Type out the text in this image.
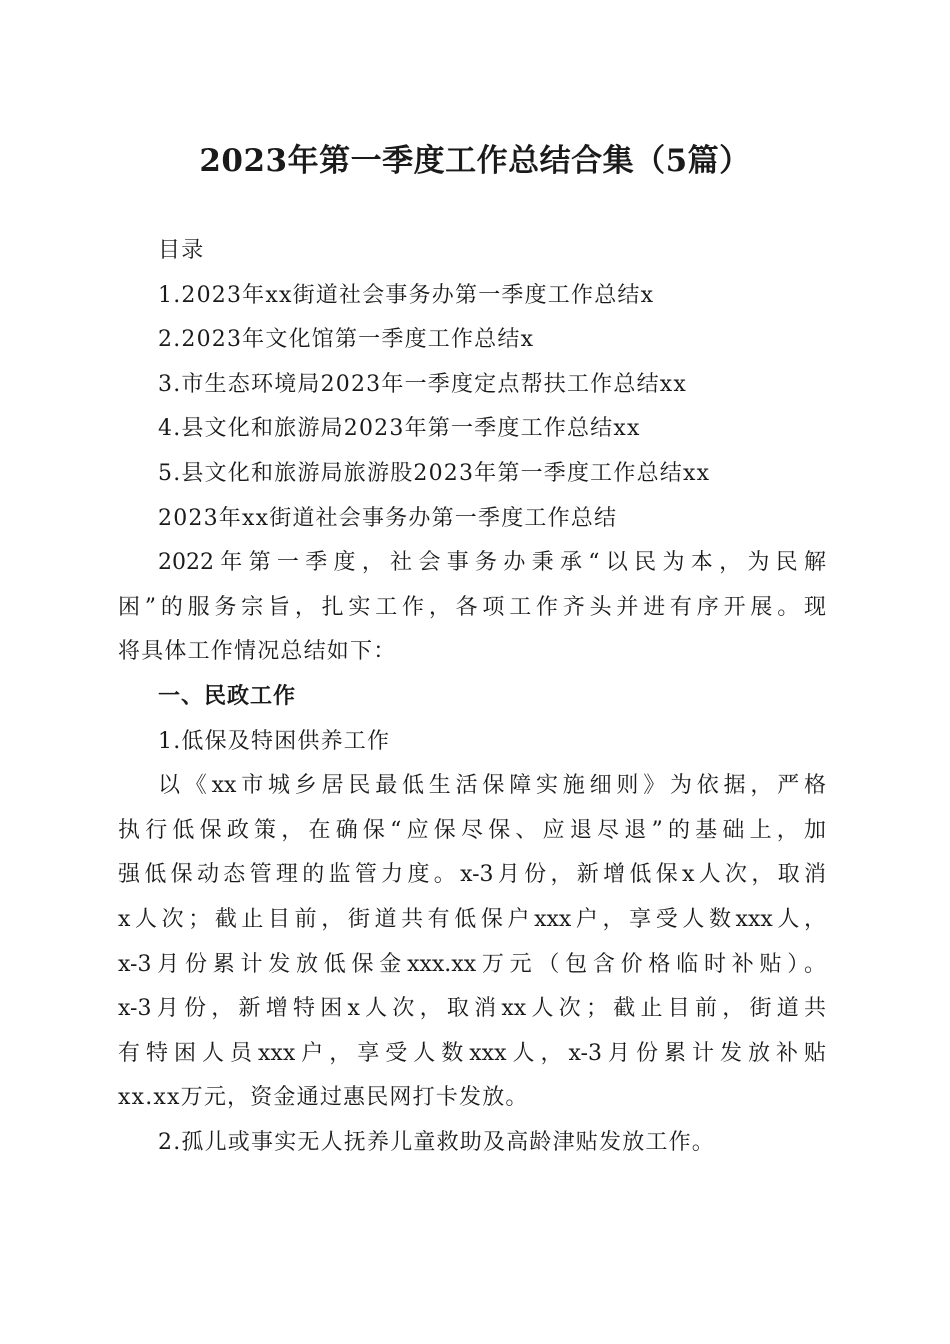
2023年第一季度工作总结合集（5篇）
目录
1.2023年xx街道社会事务办第一季度工作总结x
2.2023年文化馆第一季度工作总结x
3.市生态环境局2023年一季度定点帮扶工作总结xx
4.县文化和旅游局2023年第一季度工作总结xx
5.县文化和旅游局旅游股2023年第一季度工作总结xx
2023年xx街道社会事务办第一季度工作总结
2022年第一季度，社会事务办秉承“以民为本，为民解
困”的服务宗旨，扎实工作，各项工作齐头并进有序开展。现
将具体工作情况总结如下：
一、民政工作
1.低保及特困供养工作
以《xx市城乡居民最低生活保障实施细则》为依据，严格
执行低保政策，在确保“应保尽保、应退尽退”的基础上，加
强低保动态管理的监管力度。x-3月份，新增低保x人次，取消
x人次；截止目前，街道共有低保户xxx户，享受人数xxx人，
x-3月份累计发放低保金xxx.xx万元（包含价格临时补贴）。
x-3月份，新增特困x人次，取消xx人次；截止目前，街道共
有特困人员xxx户，享受人数xxx人，x-3月份累计发放补贴
xx.xx万元，资金通过惠民网打卡发放。
2.孤儿或事实无人抚养儿童救助及高龄津贴发放工作。
